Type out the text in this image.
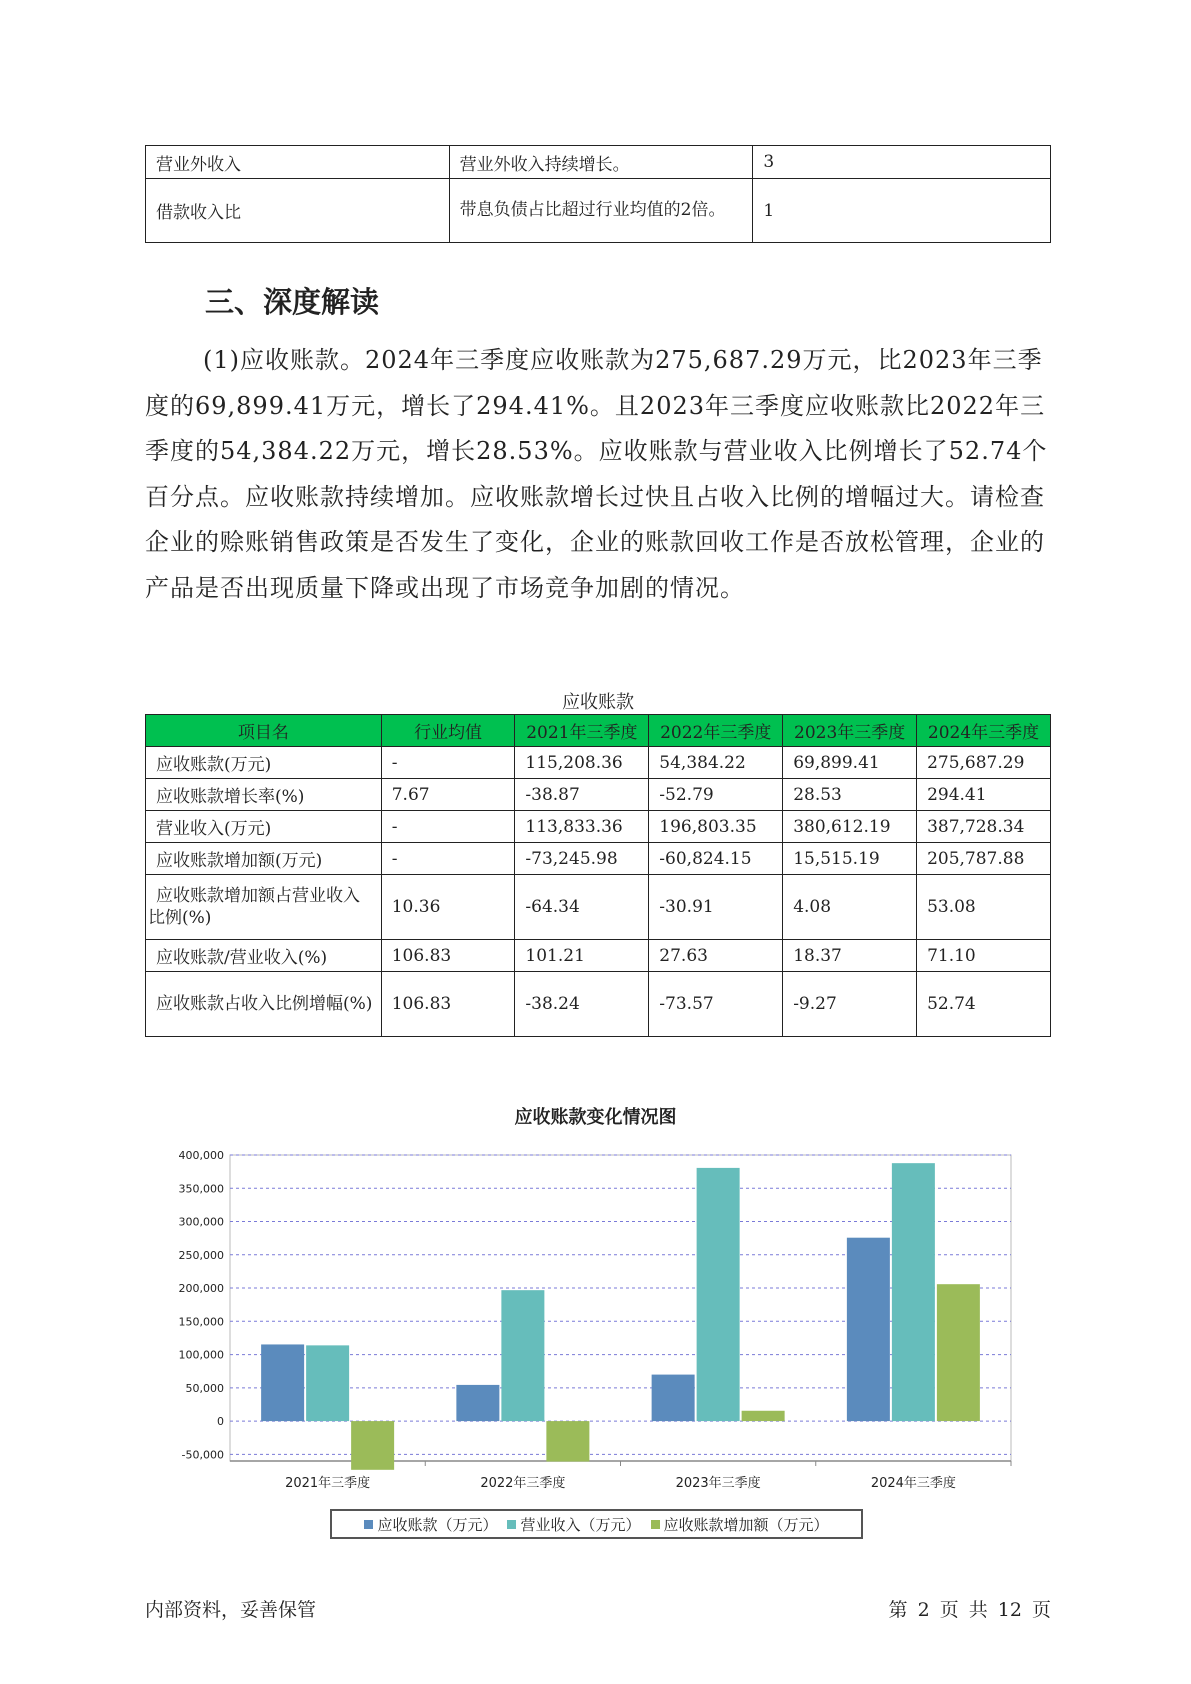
营业外收入	营业外收入持续增长。	3
借款收入比	带息负债占比超过行业均值的2倍。	1
三、深度解读
(1)应收账款。2024年三季度应收账款为275,687.29万元，比2023年三季度的69,899.41万元，增长了294.41%。且2023年三季度应收账款比2022年三季度的54,384.22万元，增长28.53%。应收账款与营业收入比例增长了52.74个百分点。应收账款持续增加。应收账款增长过快且占收入比例的增幅过大。请检查企业的赊账销售政策是否发生了变化，企业的账款回收工作是否放松管理，企业的产品是否出现质量下降或出现了市场竞争加剧的情况。
应收账款
项目名	行业均值	2021年三季度	2022年三季度	2023年三季度	2024年三季度
应收账款(万元)	-	115,208.36	54,384.22	69,899.41	275,687.29
应收账款增长率(%)	7.67	-38.87	-52.79	28.53	294.41
营业收入(万元)	-	113,833.36	196,803.35	380,612.19	387,728.34
应收账款增加额(万元)	-	-73,245.98	-60,824.15	15,515.19	205,787.88
应收账款增加额占营业收入比例(%)	10.36	-64.34	-30.91	4.08	53.08
应收账款/营业收入(%)	106.83	101.21	27.63	18.37	71.10
应收账款占收入比例增幅(%)	106.83	-38.24	-73.57	-9.27	52.74
应收账款变化情况图
-50,000
0
50,000
100,000
150,000
200,000
250,000
300,000
350,000
400,000
2021年三季度	2022年三季度	2023年三季度	2024年三季度
应收账款（万元） 营业收入（万元） 应收账款增加额（万元）
内部资料，妥善保管	第 2 页 共 12 页
